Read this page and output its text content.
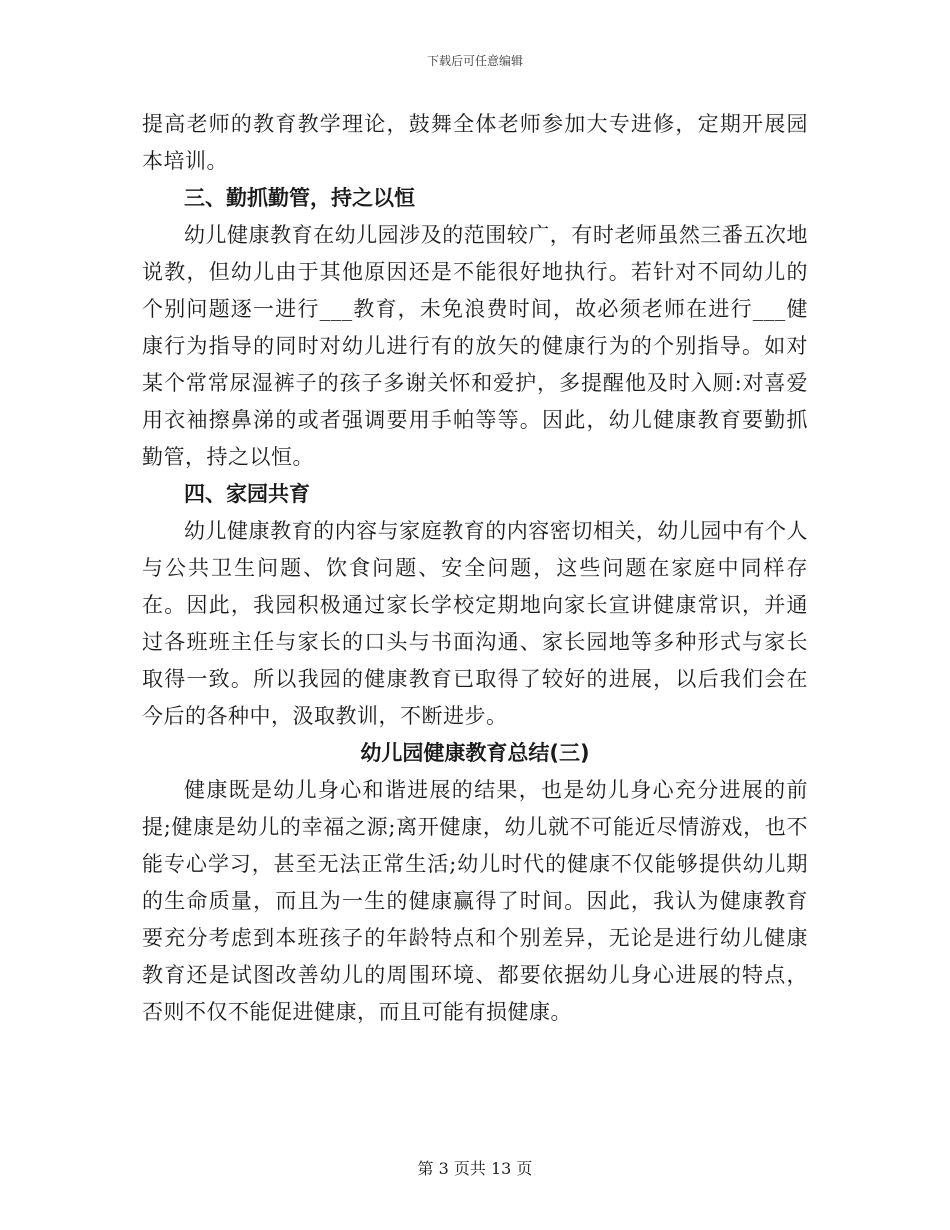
下载后可任意编辑

提高老师的教育教学理论，鼓舞全体老师参加大专进修，定期开展园本培训。

三、勤抓勤管，持之以恒

幼儿健康教育在幼儿园涉及的范围较广，有时老师虽然三番五次地说教，但幼儿由于其他原因还是不能很好地执行。若针对不同幼儿的个别问题逐一进行___教育，未免浪费时间，故必须老师在进行___健康行为指导的同时对幼儿进行有的放矢的健康行为的个别指导。如对某个常常尿湿裤子的孩子多谢关怀和爱护，多提醒他及时入厕:对喜爱用衣袖擦鼻涕的或者强调要用手帕等等。因此，幼儿健康教育要勤抓勤管，持之以恒。

四、家园共育

幼儿健康教育的内容与家庭教育的内容密切相关，幼儿园中有个人与公共卫生问题、饮食问题、安全问题，这些问题在家庭中同样存在。因此，我园积极通过家长学校定期地向家长宣讲健康常识，并通过各班班主任与家长的口头与书面沟通、家长园地等多种形式与家长取得一致。所以我园的健康教育已取得了较好的进展，以后我们会在今后的各种中，汲取教训，不断进步。

幼儿园健康教育总结(三)

健康既是幼儿身心和谐进展的结果，也是幼儿身心充分进展的前提;健康是幼儿的幸福之源;离开健康，幼儿就不可能近尽情游戏，也不能专心学习，甚至无法正常生活;幼儿时代的健康不仅能够提供幼儿期的生命质量，而且为一生的健康赢得了时间。因此，我认为健康教育要充分考虑到本班孩子的年龄特点和个别差异，无论是进行幼儿健康教育还是试图改善幼儿的周围环境、都要依据幼儿身心进展的特点，否则不仅不能促进健康，而且可能有损健康。

第 3 页共 13 页
